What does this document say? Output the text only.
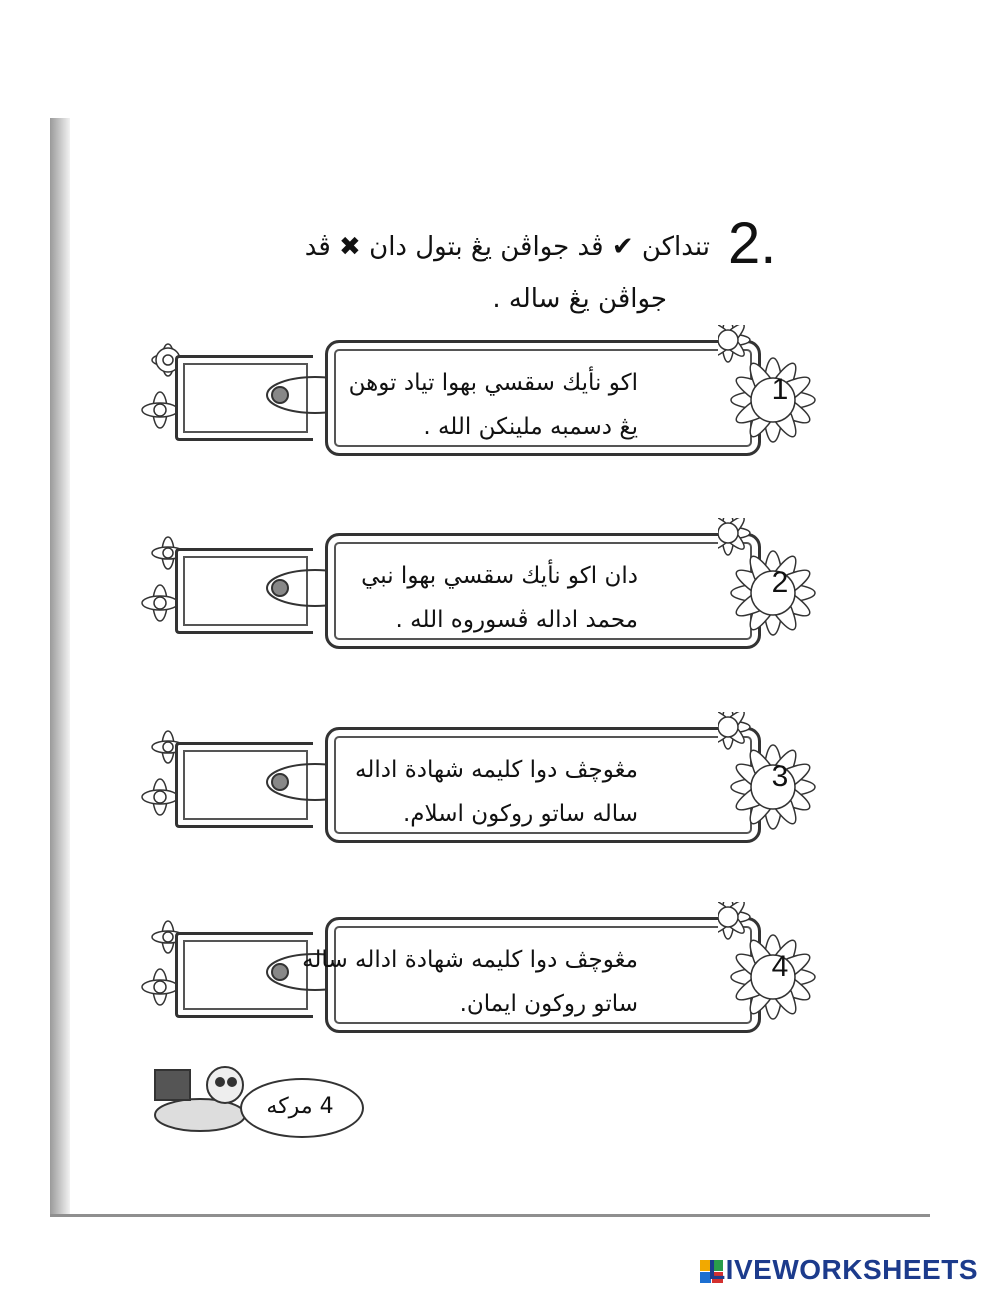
2.
تنداكن ✔ ڤد جواڤن يڠ بتول دان ✖ ڤد
جواڤن يڠ ساله .
اكو نأيك سقسي بهوا تياد توهن
يڠ دسمبه ملينكن الله .
1
دان اكو نأيك سقسي بهوا نبي
محمد اداله ڤسوروه الله .
2
مڠوچڤ دوا كليمه شهادة اداله
ساله ساتو روكون اسلام.
3
مڠوچڤ دوا كليمه شهادة اداله ساله
ساتو روكون ايمان.
4
4 مركه
LIVEWORKSHEETS
